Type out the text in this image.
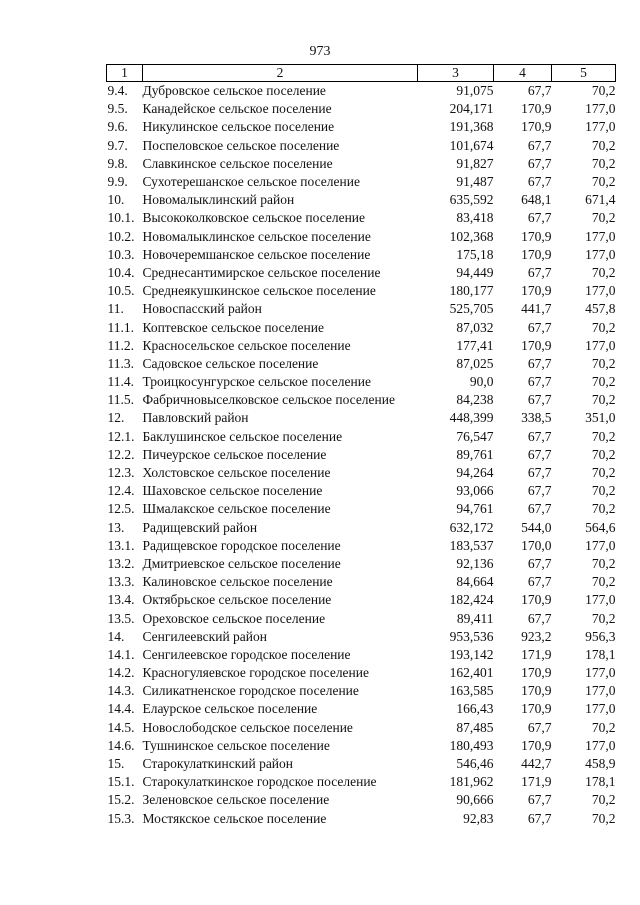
973
1	2	3	4	5
9.4.	Дубровское сельское поселение	91,075	67,7	70,2
9.5.	Канадейское сельское поселение	204,171	170,9	177,0
9.6.	Никулинское сельское поселение	191,368	170,9	177,0
9.7.	Поспеловское сельское поселение	101,674	67,7	70,2
9.8.	Славкинское сельское поселение	91,827	67,7	70,2
9.9.	Сухотерешанское сельское поселение	91,487	67,7	70,2
10.	Новомалыклинский район	635,592	648,1	671,4
10.1.	Высококолковское сельское поселение	83,418	67,7	70,2
10.2.	Новомалыклинское сельское поселение	102,368	170,9	177,0
10.3.	Новочеремшанское сельское поселение	175,18	170,9	177,0
10.4.	Среднесантимирское сельское поселение	94,449	67,7	70,2
10.5.	Среднеякушкинское сельское поселение	180,177	170,9	177,0
11.	Новоспасский район	525,705	441,7	457,8
11.1.	Коптевское сельское поселение	87,032	67,7	70,2
11.2.	Красносельское сельское поселение	177,41	170,9	177,0
11.3.	Садовское сельское поселение	87,025	67,7	70,2
11.4.	Троицкосунгурское сельское поселение	90,0	67,7	70,2
11.5.	Фабричновыселковское сельское поселение	84,238	67,7	70,2
12.	Павловский район	448,399	338,5	351,0
12.1.	Баклушинское сельское поселение	76,547	67,7	70,2
12.2.	Пичеурское сельское поселение	89,761	67,7	70,2
12.3.	Холстовское сельское поселение	94,264	67,7	70,2
12.4.	Шаховское сельское поселение	93,066	67,7	70,2
12.5.	Шмалакское сельское поселение	94,761	67,7	70,2
13.	Радищевский район	632,172	544,0	564,6
13.1.	Радищевское городское поселение	183,537	170,0	177,0
13.2.	Дмитриевское сельское поселение	92,136	67,7	70,2
13.3.	Калиновское сельское поселение	84,664	67,7	70,2
13.4.	Октябрьское сельское поселение	182,424	170,9	177,0
13.5.	Ореховское сельское поселение	89,411	67,7	70,2
14.	Сенгилеевский район	953,536	923,2	956,3
14.1.	Сенгилеевское городское поселение	193,142	171,9	178,1
14.2.	Красногуляевское городское поселение	162,401	170,9	177,0
14.3.	Силикатненское городское поселение	163,585	170,9	177,0
14.4.	Елаурское сельское поселение	166,43	170,9	177,0
14.5.	Новослободское сельское поселение	87,485	67,7	70,2
14.6.	Тушнинское сельское поселение	180,493	170,9	177,0
15.	Старокулаткинский район	546,46	442,7	458,9
15.1.	Старокулаткинское городское поселение	181,962	171,9	178,1
15.2.	Зеленовское сельское поселение	90,666	67,7	70,2
15.3.	Мостякское сельское поселение	92,83	67,7	70,2
